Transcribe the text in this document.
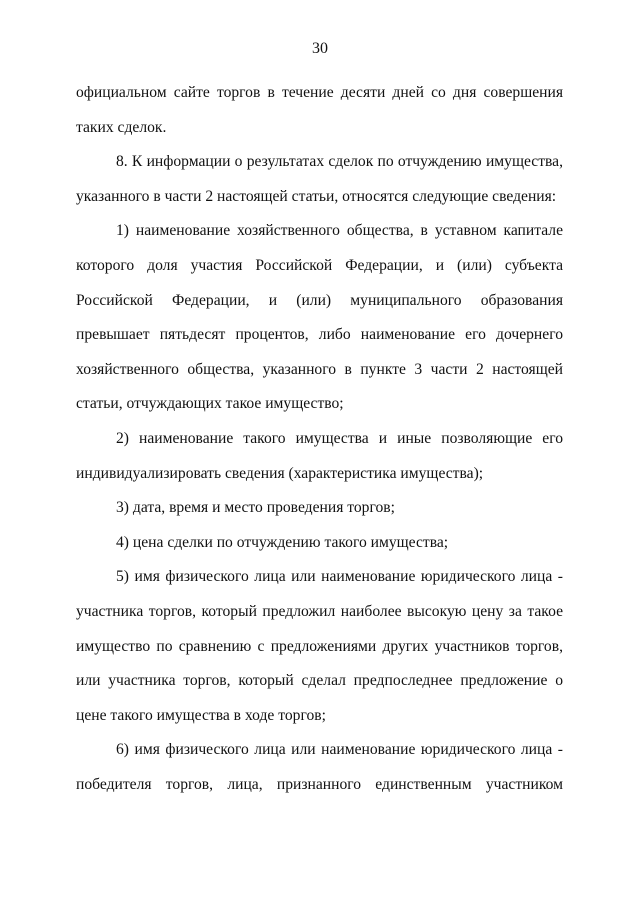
30

официальном сайте торгов в течение десяти дней со дня совершения таких сделок.

8. К информации о результатах сделок по отчуждению имущества, указанного в части 2 настоящей статьи, относятся следующие сведения:

1) наименование хозяйственного общества, в уставном капитале которого доля участия Российской Федерации, и (или) субъекта Российской Федерации, и (или) муниципального образования превышает пятьдесят процентов, либо наименование его дочернего хозяйственного общества, указанного в пункте 3 части 2 настоящей статьи, отчуждающих такое имущество;

2) наименование такого имущества и иные позволяющие его индивидуализировать сведения (характеристика имущества);

3) дата, время и место проведения торгов;

4) цена сделки по отчуждению такого имущества;

5) имя физического лица или наименование юридического лица - участника торгов, который предложил наиболее высокую цену за такое имущество по сравнению с предложениями других участников торгов, или участника торгов, который сделал предпоследнее предложение о цене такого имущества в ходе торгов;

6) имя физического лица или наименование юридического лица - победителя торгов, лица, признанного единственным участником
